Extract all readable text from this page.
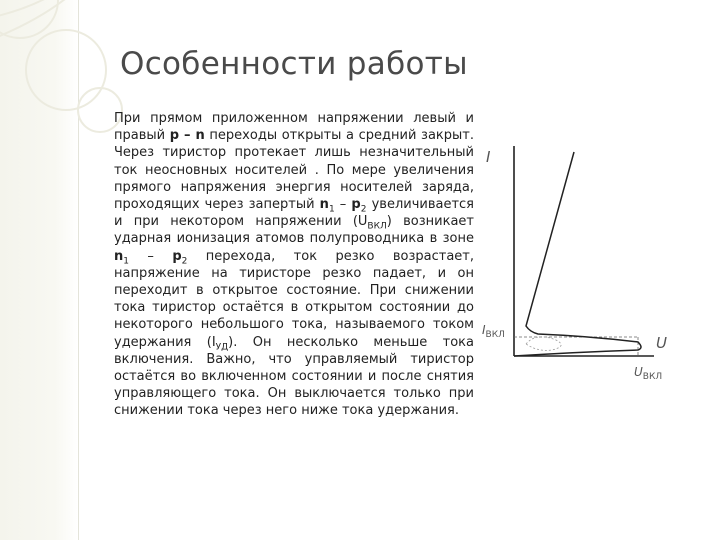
Особенности работы

При прямом приложенном напряжении левый и правый p – n переходы открыты а средний закрыт. Через тиристор протекает лишь незначительный ток неосновных носителей . По мере увеличения прямого напряжения энергия носителей заряда, проходящих через запертый $n_1 - p_2$ увеличивается и при некотором напряжении $(U_{ВКЛ})$ возникает ударная ионизация атомов полупроводника в зоне $n_1 - p_2$ перехода, ток резко возрастает, напряжение на тиристоре резко падает, и он переходит в открытое состояние. При снижении тока тиристор остаётся в открытом состоянии до некоторого небольшого тока, называемого током удержания $(I_{УД})$. Он несколько меньше тока включения. Важно, что управляемый тиристор остаётся во включенном состоянии и после снятия управляющего тока. Он выключается только при снижении тока через него ниже тока удержания.

I
U
$I_{ВКЛ}$
$U_{ВКЛ}$
